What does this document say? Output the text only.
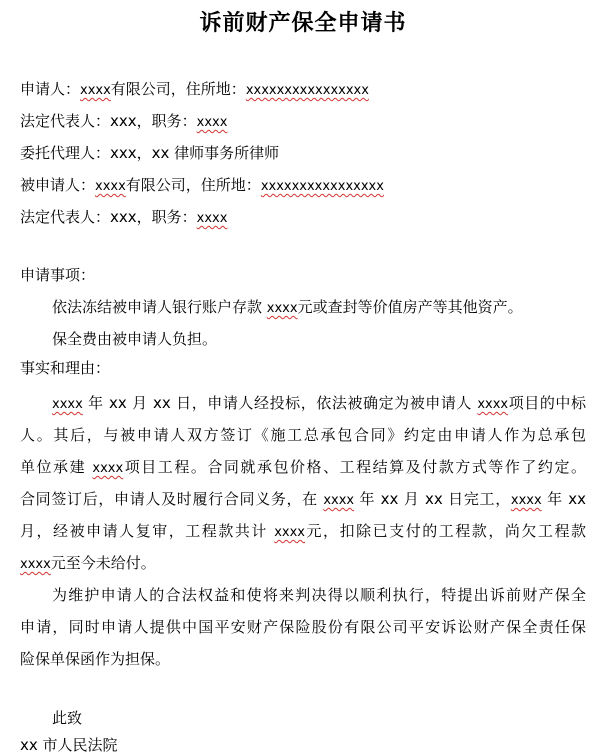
诉前财产保全申请书
申请人：xxxx有限公司，住所地：xxxxxxxxxxxxxxxx
法定代表人：xxx，职务：xxxx
委托代理人：xxx，xx 律师事务所律师
被申请人：xxxx有限公司，住所地：xxxxxxxxxxxxxxxx
法定代表人：xxx，职务：xxxx
申请事项：
依法冻结被申请人银行账户存款 xxxx元或查封等价值房产等其他资产。
保全费由被申请人负担。
事实和理由：
xxxx 年 xx 月 xx 日，申请人经投标，依法被确定为被申请人 xxxx项目的中标
人。其后，与被申请人双方签订《施工总承包合同》约定由申请人作为总承包
单位承建 xxxx项目工程。合同就承包价格、工程结算及付款方式等作了约定。
合同签订后，申请人及时履行合同义务，在 xxxx 年 xx 月 xx 日完工，xxxx 年 xx
月，经被申请人复审，工程款共计 xxxx元，扣除已支付的工程款，尚欠工程款
xxxx元至今未给付。
为维护申请人的合法权益和使将来判决得以顺利执行，特提出诉前财产保全
申请，同时申请人提供中国平安财产保险股份有限公司平安诉讼财产保全责任保
险保单保函作为担保。
此致
xx 市人民法院
